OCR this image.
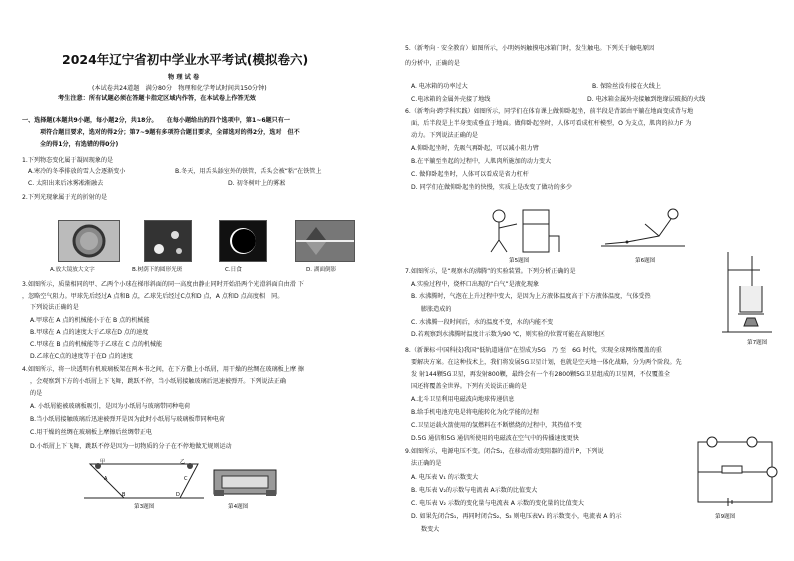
2024年辽宁省初中学业水平考试(模拟卷六)
物 理 试 卷
(本试卷共24道题　满分80分　物理和化学考试时间共150分钟)
考生注意：所有试题必须在答题卡指定区域内作答，在本试卷上作答无效
一、选择题(本题共9小题，每小题2分，共18分。　　在每小题给出的四个选项中，第1~6题只有一
项符合题目要求，选对的得2分；第7~9题有多项符合题目要求，全部选对的得2分，选对　但不
全的得1分，有选错的得0分)
1.下列物态变化属于凝固现象的是
A.寒冷的冬季排放的雪人会逐渐变小	B.冬天，用舌头舔室外的铁管，舌头会被“粘”在铁管上
C. 太阳出来后冰雾凇渐融去	D. 初冬树叶上的雾凇
2.下列光现象属于光的折射的是
A.放大镜放大文字	B.树荫下的圆形光斑	C.日食	D. 湖面倒影
3.如图所示，质量相同的甲、乙两个小球在梯形斜面的同一高度由静止同时开始沿两个光滑斜面自由滑 下
，忽略空气阻力。甲球先后经过A 点和B 点，乙球先后经过C点和D 点，A 点和D 点高度相　同。
下列说法正确的是
A.甲球在 A 点的机械能小于在 B 点的机械能
B.甲球在 A 点的速度大于乙球在D 点的速度
C.甲球在 B 点的机械能等于乙球在 C 点的机械能
D.乙球在C点的速度等于在D 点的速度
4.如图所示，将一块透明有机玻璃板架在两本书之间，在下方撒上小纸屑，用干燥的丝绸在玻璃板上摩 擦
，会观察到下方的小纸屑上下飞舞，跳跃不停，当小纸屑接触玻璃后迅速被弹开。下列说法正确
的是
A. 小纸屑能被玻璃板吸引，是因为小纸屑与玻璃带同种电荷
B.当小纸屑接触玻璃后迅速被弹开是因为此时小纸屑与玻璃板带同种电荷
C.用干燥的丝绸在玻璃板上摩擦后丝绸带正电
D.小纸屑上下飞舞，跳跃不停是因为一切物质的分子在不停地做无规则运动
甲	乙
A
B
C
D
第3题图	第4题图
5.（新考向 · 安全教育）如图所示，小明妈妈触摸电冰箱门时，发生触电。下列关于触电原因
的分析中，正确的是
A. 电冰箱的功率过大	B. 保险丝没有接在火线上
C.电冰箱的金属外壳接了地线	D. 电冰箱金属外壳接触到绝缘层破损的火线
6.（新考向·跨学科实践）如图所示，同学们在体育课上做仰卧起坐，前半段是背部由平躺在地面变成背与地
面，后半段是上半身变成垂直于地面。做仰卧起坐时，人体可看成杠杆模型，O 为支点，肌肉的拉力F 为
动力。下列说法正确的是
A.仰卧起坐时，先吸气再卧起，可以减小阻力臂
B.在平躺至坐起的过程中，人肌肉所施加的动力变大
C. 做仰卧起坐时，人体可以看成是省力杠杆
D. 同学们在做仰卧起坐的快慢，实质上是改变了做功的多少
第5题图	第6题图
7.如图所示，是“观察水的沸腾”的实验装置。下列分析正确的是
A.实验过程中，烧杯口出现的“白气”是液化现象
B. 水沸腾时，气泡在上升过程中变大，是因为上方液体温度高于下方液体温度，气体受热
膨胀造成的
C. 水沸腾一段时间后，水的温度不变，水的内能不变
D.若观察到水沸腾时温度计示数为90 ℃，则实验的位置可能在高原地区
第7题图
8.（新课标·中国科技)我国“低轨道通信”在望成为5G　乃 至　6G 时代，实现全球网络覆盖的重
要解决方案。在这种技术上，我们将发展5G卫星计划，也就是空天地一体化战略，分为两个阶段。先
发 射144颗5G卫星，再发射800颗，最终会有一个有2800颗5G卫星组成的卫星网，不仅覆盖全
国还将覆盖全世界。下列有关说法正确的是
A.北斗卫星利用电磁波向地球传递信息
B.给手机电池充电是将电能转化为化学能的过程
C.卫星运载火箭使用的氢燃料在不断燃烧的过程中，其热值不变
D.5G 通信和5G 通信所使用的电磁波在空气中的传播速度更快
9.如图所示，电源电压不变。闭合S₁，在移动滑动变阻器的滑片P，下列说
法正确的是
A. 电压表 V₁ 的示数变大
B. 电压表 V₂的示数与电流表 A示数的比值变大
C. 电压表 V₂ 示数的变化量与电流表 A 示数的变化量的比值变大
D. 如果先闭合S₁，再同时闭合S₂、S₃ 则电压表V₁ 的示数变小，电流表 A 的示
数变大
第9题图
